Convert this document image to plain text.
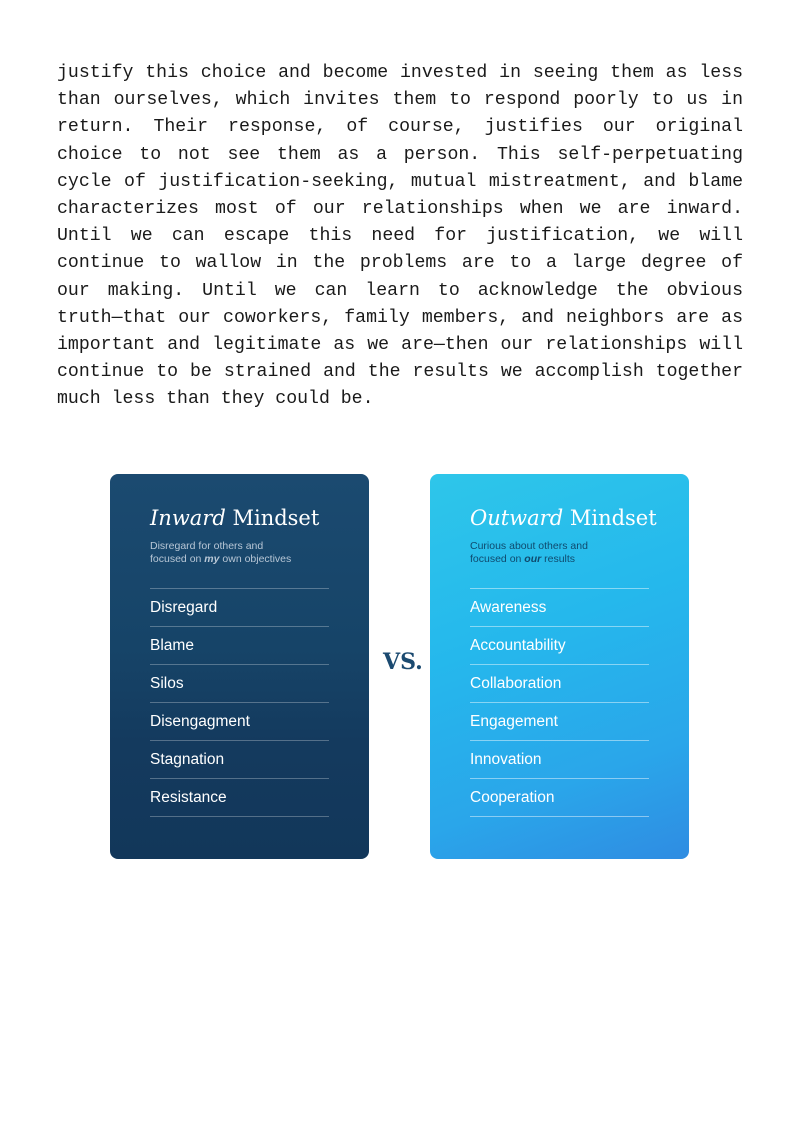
justify this choice and become invested in seeing them as less
than ourselves, which invites them to respond poorly to us in
return. Their response, of course, justifies our original
choice to not see them as a person. This self-perpetuating
cycle of justification-seeking, mutual mistreatment, and blame
characterizes most of our relationships when we are inward.
Until we can escape this need for justification, we will
continue to wallow in the problems are to a large degree of
our making. Until we can learn to acknowledge the obvious
truth—that our coworkers, family members, and neighbors are as
important and legitimate as we are—then our relationships will
continue to be strained and the results we accomplish together
much less than they could be.
Inward Mindset
Disregard for others and
focused on my own objectives
Disregard
Blame
Silos
Disengagment
Stagnation
Resistance
VS.
Outward Mindset
Curious about others and
focused on our results
Awareness
Accountability
Collaboration
Engagement
Innovation
Cooperation
